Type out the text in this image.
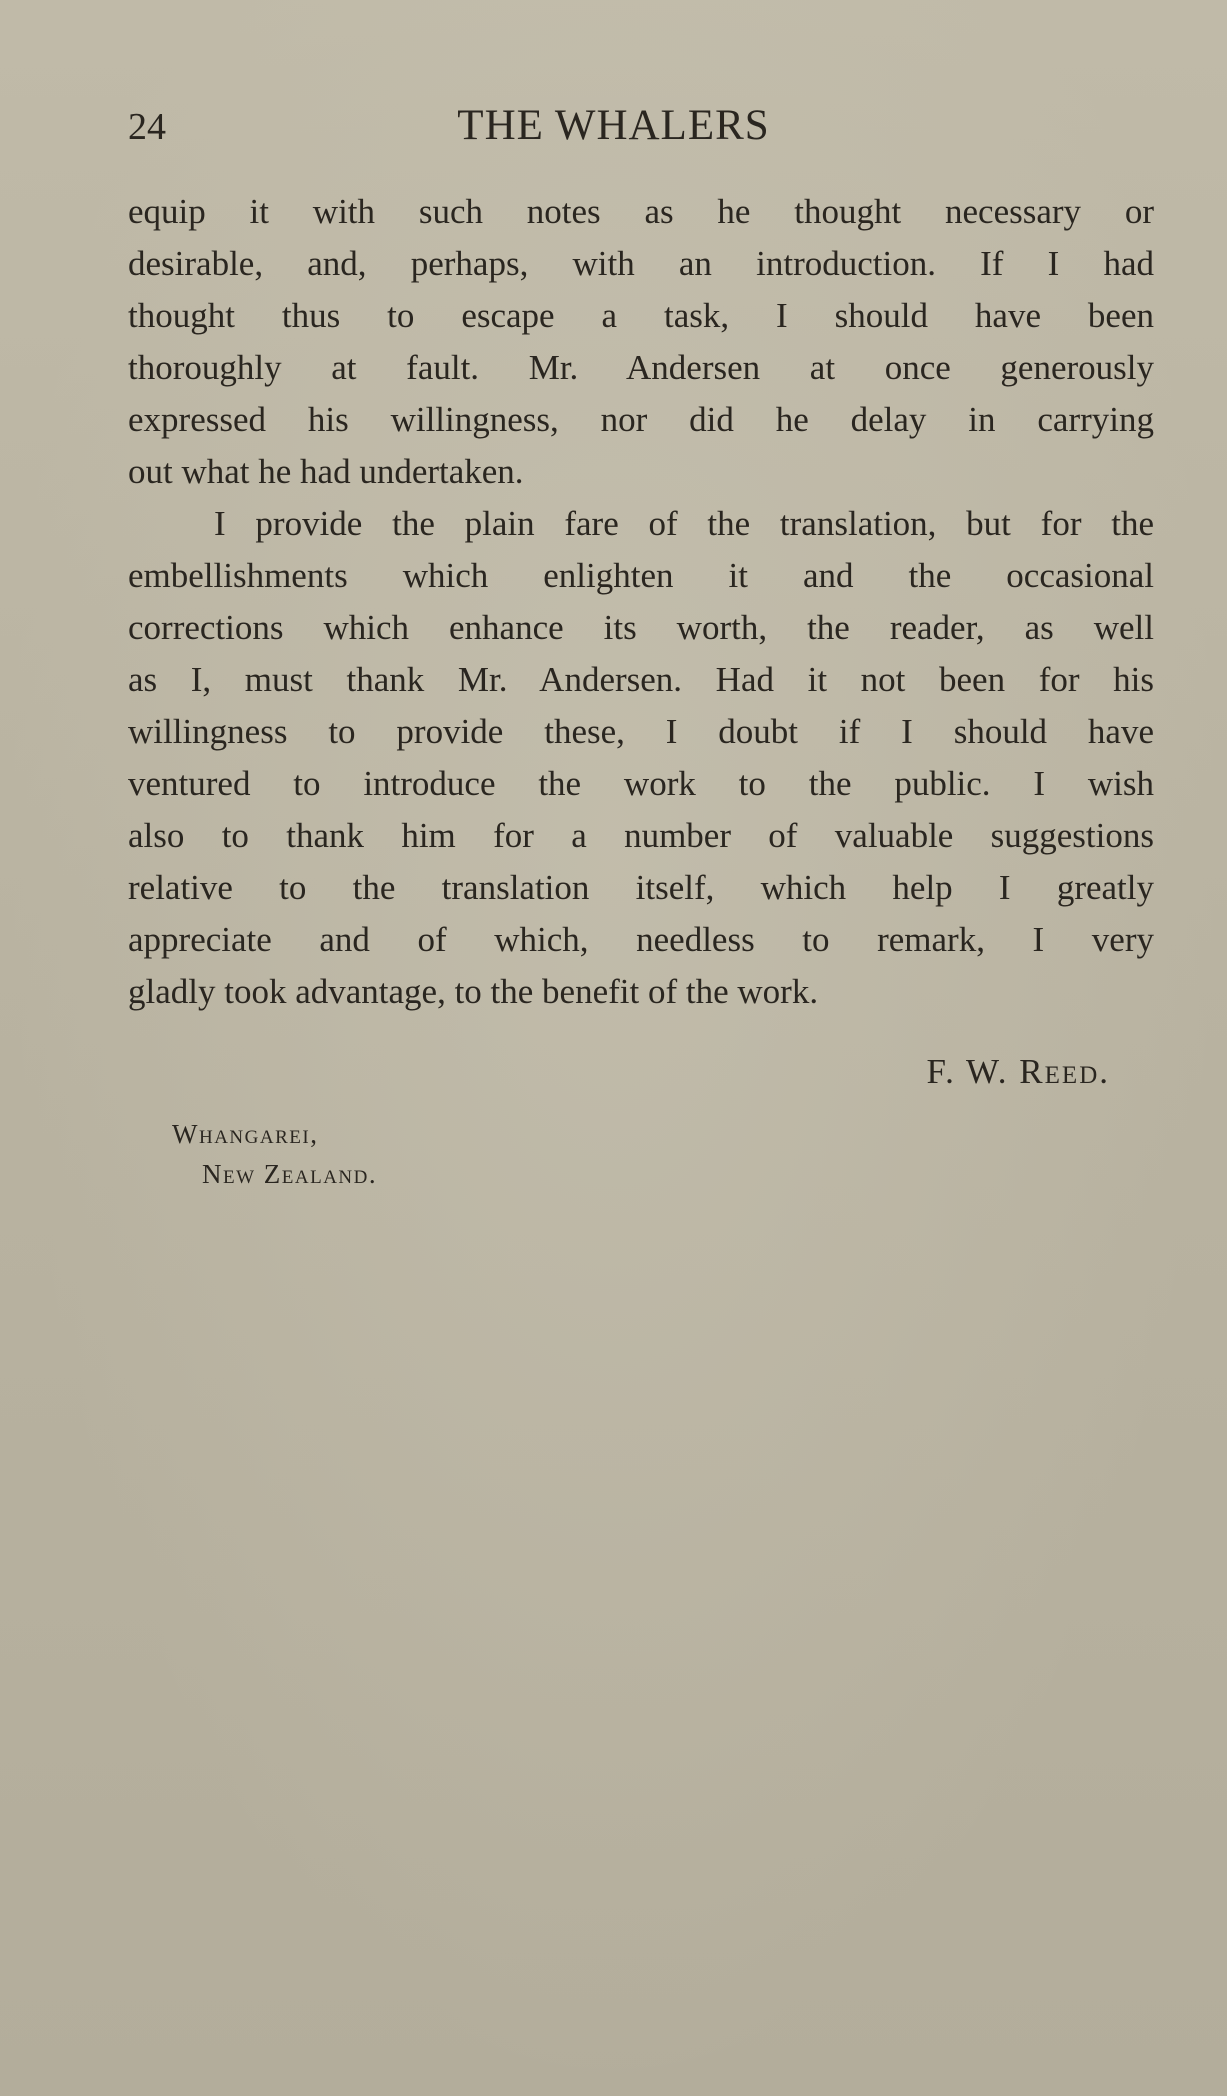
24	THE WHALERS
equip it with such notes as he thought necessary or
desirable, and, perhaps, with an introduction. If I had
thought thus to escape a task, I should have been
thoroughly at fault. Mr. Andersen at once generously
expressed his willingness, nor did he delay in carrying
out what he had undertaken.
I provide the plain fare of the translation, but for the
embellishments which enlighten it and the occasional
corrections which enhance its worth, the reader, as well
as I, must thank Mr. Andersen. Had it not been for his
willingness to provide these, I doubt if I should have
ventured to introduce the work to the public. I wish
also to thank him for a number of valuable suggestions
relative to the translation itself, which help I greatly
appreciate and of which, needless to remark, I very
gladly took advantage, to the benefit of the work.
F. W. Reed.
Whangarei,
New Zealand.
